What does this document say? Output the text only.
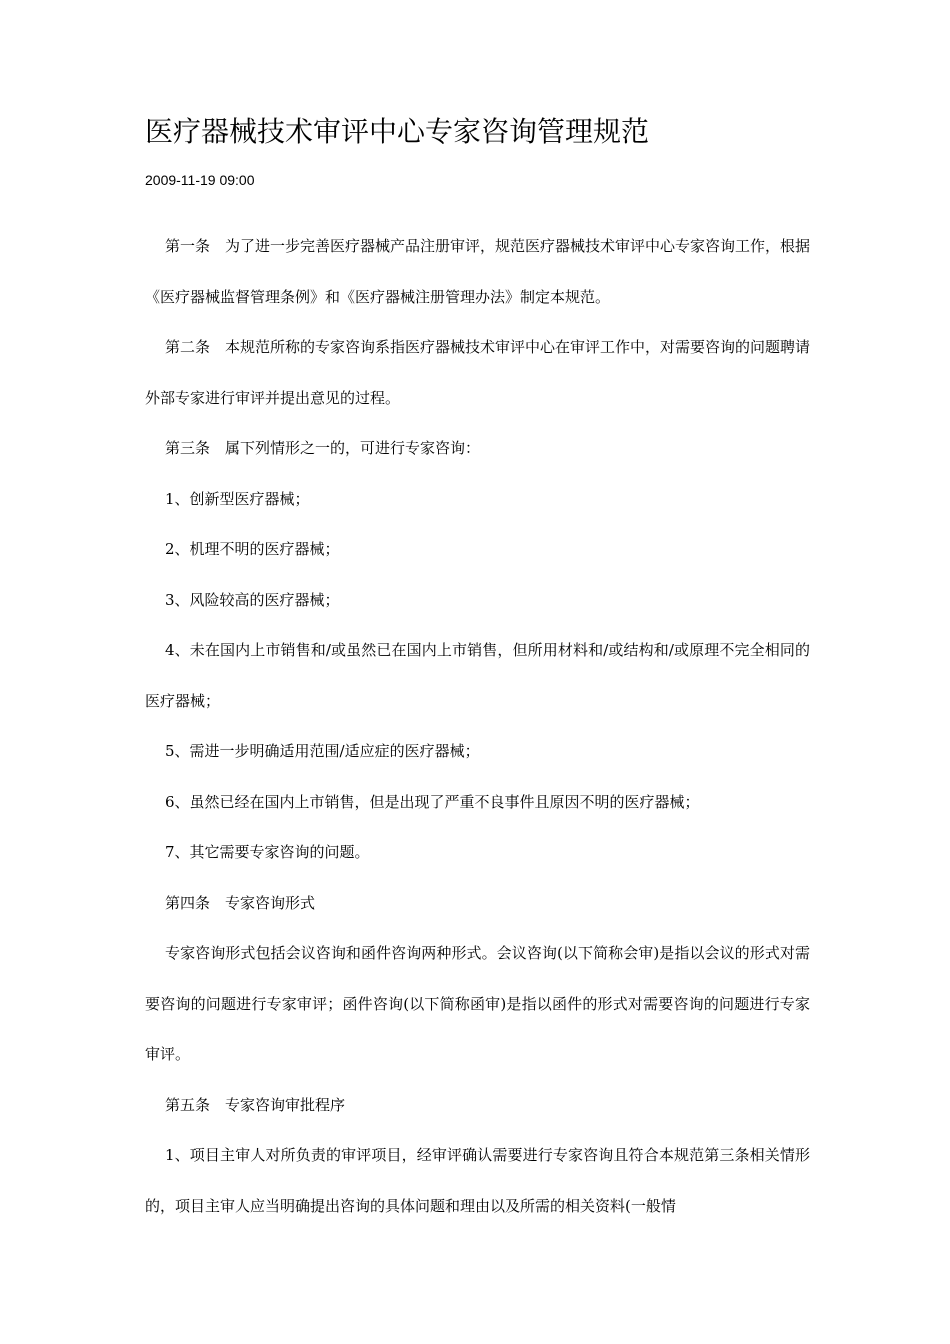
医疗器械技术审评中心专家咨询管理规范
2009-11-19 09:00

第一条　为了进一步完善医疗器械产品注册审评，规范医疗器械技术审评中心专家咨询工作，根据《医疗器械监督管理条例》和《医疗器械注册管理办法》制定本规范。

第二条　本规范所称的专家咨询系指医疗器械技术审评中心在审评工作中，对需要咨询的问题聘请外部专家进行审评并提出意见的过程。

第三条　属下列情形之一的，可进行专家咨询：

1、创新型医疗器械；

2、机理不明的医疗器械；

3、风险较高的医疗器械；

4、未在国内上市销售和/或虽然已在国内上市销售，但所用材料和/或结构和/或原理不完全相同的医疗器械；

5、需进一步明确适用范围/适应症的医疗器械；

6、虽然已经在国内上市销售，但是出现了严重不良事件且原因不明的医疗器械；

7、其它需要专家咨询的问题。

第四条　专家咨询形式

专家咨询形式包括会议咨询和函件咨询两种形式。会议咨询(以下简称会审)是指以会议的形式对需要咨询的问题进行专家审评；函件咨询(以下简称函审)是指以函件的形式对需要咨询的问题进行专家审评。

第五条　专家咨询审批程序

1、项目主审人对所负责的审评项目，经审评确认需要进行专家咨询且符合本规范第三条相关情形的，项目主审人应当明确提出咨询的具体问题和理由以及所需的相关资料(一般情
